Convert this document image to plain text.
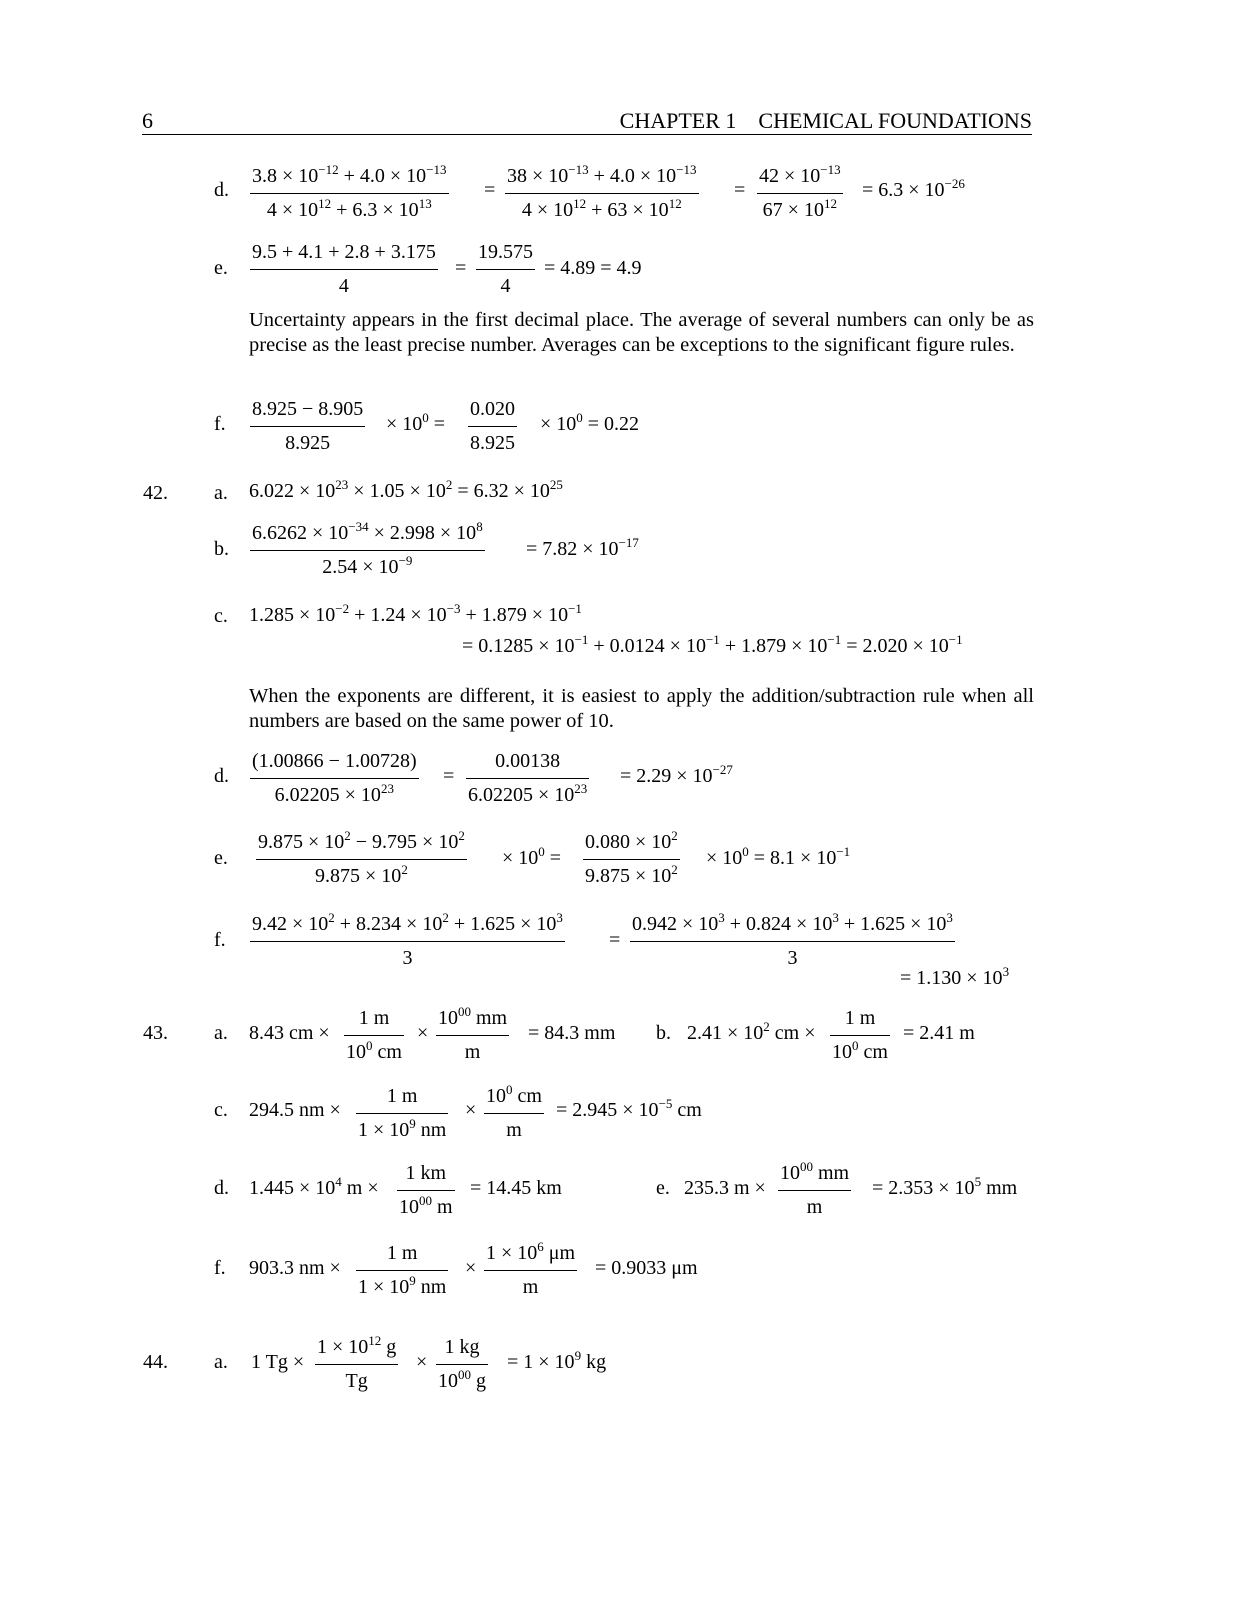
6	CHAPTER 1 CHEMICAL FOUNDATIONS
d.
$3.8 \times 10^{-12} + 4.0 \times 10^{-13}$
$4 \times 10^{12} + 6.3 \times 10^{13}$
=
$38 \times 10^{-13} + 4.0 \times 10^{-13}$
$4 \times 10^{12} + 63 \times 10^{12}$
=
$42 \times 10^{-13}$
$67 \times 10^{12}$
= $6.3 \times 10^{-26}$
e.
9.5 + 4.1 + 2.8 + 3.175
4
=
19.575
4
= 4.89 = 4.9
Uncertainty appears in the first decimal place. The average of several numbers can only be as precise as the least precise number. Averages can be exceptions to the significant figure rules.
f.
8.925 − 8.905
8.925
× $10^0$ =
0.020
8.925
× $10^0 = 0.22$
42. a. $6.022 \times 10^{23} \times 1.05 \times 10^2 = 6.32 \times 10^{25}$
b.
$6.6262 \times 10^{-34} \times 2.998 \times 10^8$
$2.54 \times 10^{-9}$
= $7.82 \times 10^{-17}$
c. $1.285 \times 10^{-2} + 1.24 \times 10^{-3} + 1.879 \times 10^{-1}$
= $0.1285 \times 10^{-1} + 0.0124 \times 10^{-1} + 1.879 \times 10^{-1} = 2.020 \times 10^{-1}$
When the exponents are different, it is easiest to apply the addition/subtraction rule when all numbers are based on the same power of 10.
d.
(1.00866 − 1.00728)
$6.02205 \times 10^{23}$
=
0.00138
$6.02205 \times 10^{23}$
= $2.29 \times 10^{-27}$
e.
$9.875 \times 10^2 - 9.795 \times 10^2$
$9.875 \times 10^2$
× $10^0$ =
$0.080 \times 10^2$
$9.875 \times 10^2$
× $10^0 = 8.1 \times 10^{-1}$
f.
$9.42 \times 10^2 + 8.234 \times 10^2 + 1.625 \times 10^3$
3
=
$0.942 \times 10^3 + 0.824 \times 10^3 + 1.625 \times 10^3$
3
= $1.130 \times 10^3$
43. a. 8.43 cm ×
1 m
$10^0$ cm
×
$10^{00}$ mm
m
= 84.3 mm b. $2.41 \times 10^2$ cm ×
1 m
$10^0$ cm
= 2.41 m
c. 294.5 nm ×
1 m
$1 \times 10^9$ nm
×
$10^0$ cm
m
= $2.945 \times 10^{-5}$ cm
d. $1.445 \times 10^4$ m ×
1 km
$10^{00}$ m
= 14.45 km	e. 235.3 m ×
$10^{00}$ mm
m
= $2.353 \times 10^5$ mm
f. 903.3 nm ×
1 m
$1 \times 10^9$ nm
×
$1 \times 10^6$ μm
m
= 0.9033 μm
44. a. 1 Tg ×
$1 \times 10^{12}$ g
Tg
×
1 kg
$10^{00}$ g
= $1 \times 10^9$ kg
